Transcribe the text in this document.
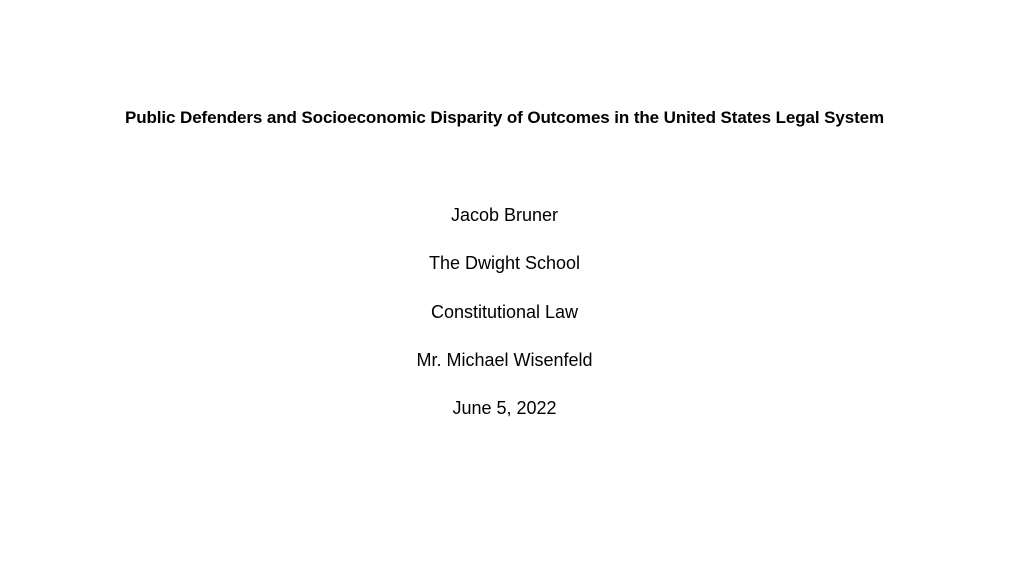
Public Defenders and Socioeconomic Disparity of Outcomes in the United States Legal System
Jacob Bruner
The Dwight School
Constitutional Law
Mr. Michael Wisenfeld
June 5, 2022
